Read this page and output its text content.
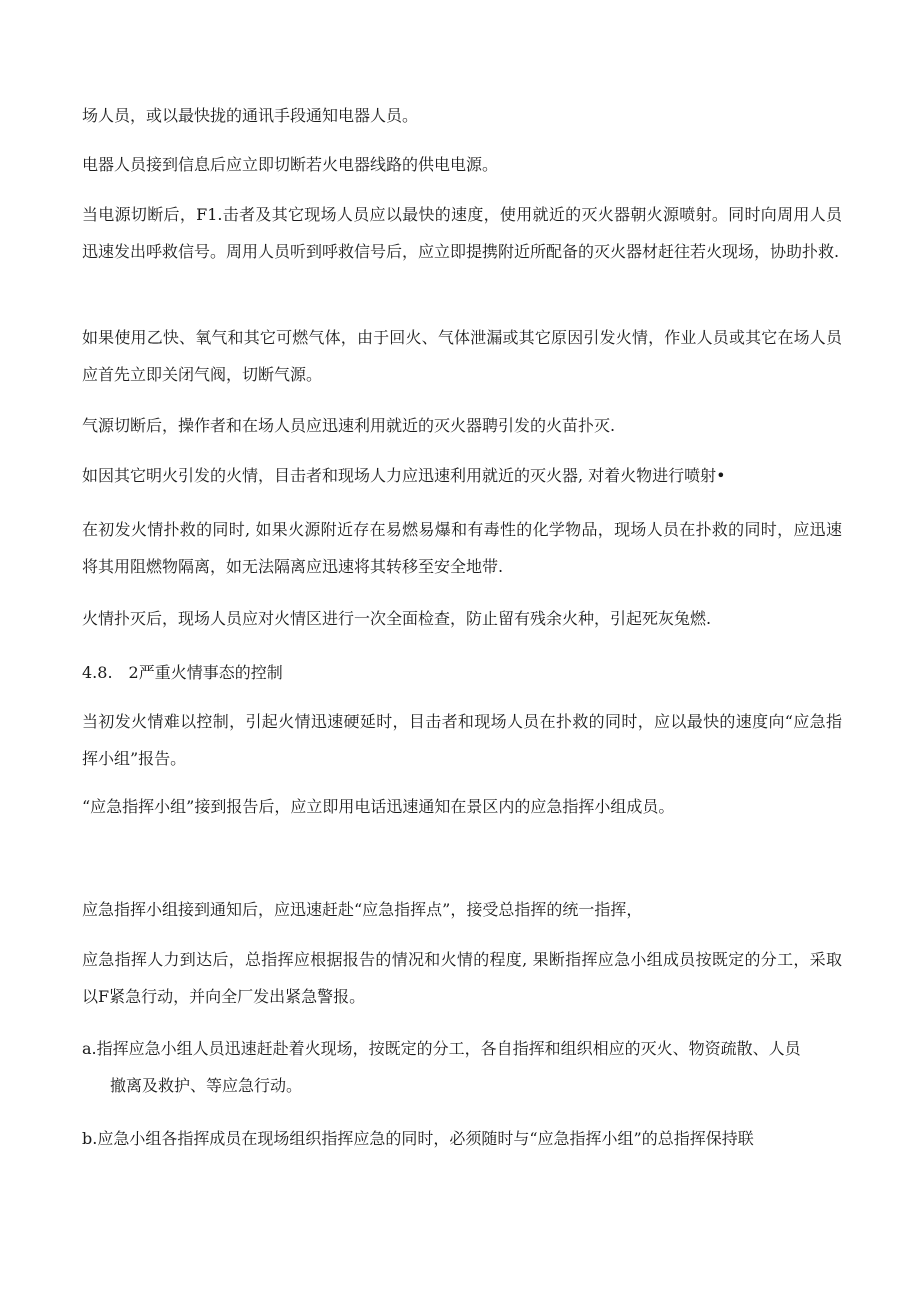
场人员，或以最快拢的通讯手段通知电器人员。

电器人员接到信息后应立即切断若火电器线路的供电电源。

当电源切断后，F1.击者及其它现场人员应以最快的速度，使用就近的灭火器朝火源喷射。同时向周用人员迅速发出呼救信号。周用人员听到呼救信号后，应立即提携附近所配备的灭火器材赶往若火现场，协助扑救.

如果使用乙快、氧气和其它可燃气体，由于回火、气体泄漏或其它原因引发火情，作业人员或其它在场人员应首先立即关闭气阀，切断气源。

气源切断后，操作者和在场人员应迅速利用就近的灭火器聘引发的火苗扑灭.

如因其它明火引发的火情，目击者和现场人力应迅速利用就近的灭火器, 对着火物进行喷射•

在初发火情扑救的同时, 如果火源附近存在易燃易爆和有毒性的化学物品，现场人员在扑救的同时，应迅速将其用阻燃物隔离，如无法隔离应迅速将其转移至安全地带.

火情扑灭后，现场人员应对火情区进行一次全面检查，防止留有残余火种，引起死灰兔燃.

4.8.　2严重火情事态的控制

当初发火情难以控制，引起火情迅速硬延时，目击者和现场人员在扑救的同时，应以最快的速度向“应急指挥小组”报告。

“应急指挥小组”接到报告后，应立即用电话迅速通知在景区内的应急指挥小组成员。

应急指挥小组接到通知后，应迅速赶赴“应急指挥点”，接受总指挥的统一指挥，

应急指挥人力到达后，总指挥应根据报告的情况和火情的程度, 果断指挥应急小组成员按既定的分工，采取以F紧急行动，并向全厂发出紧急警报。

a.指挥应急小组人员迅速赶赴着火现场，按既定的分工，各自指挥和组织相应的灭火、物资疏散、人员
撤离及救护、等应急行动。

b.应急小组各指挥成员在现场组织指挥应急的同时，必须随时与“应急指挥小组”的总指挥保持联
